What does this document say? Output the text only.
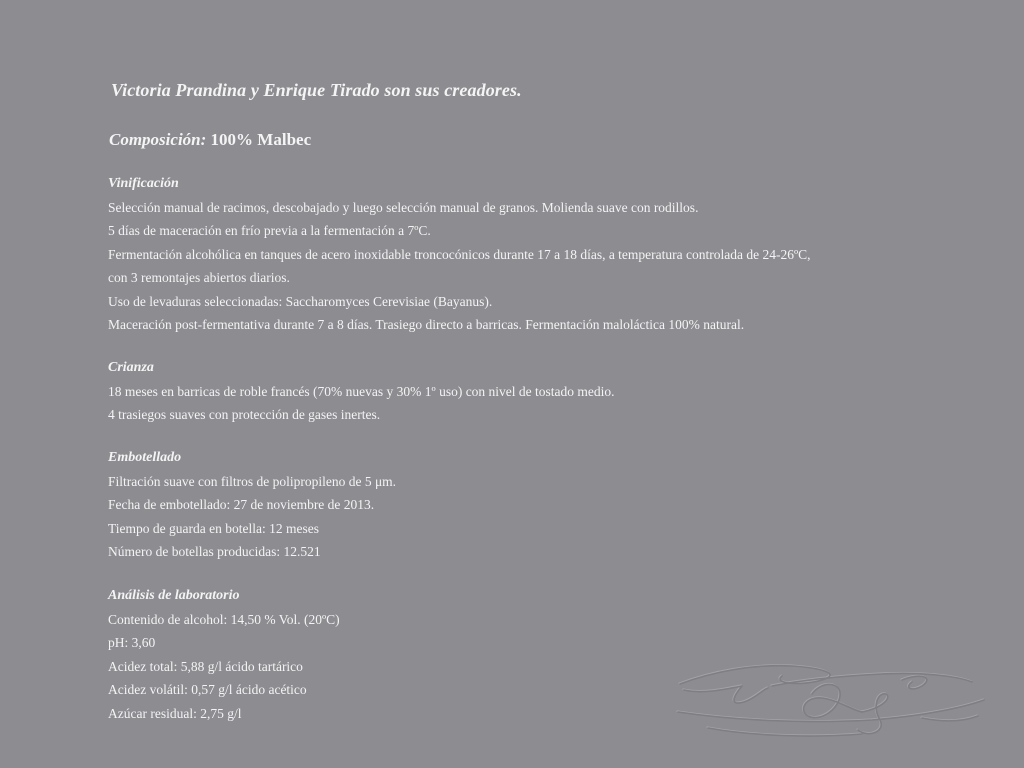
Victoria Prandina y Enrique Tirado son sus creadores.
Composición: 100% Malbec
Vinificación
Selección manual de racimos, descobajado y luego selección manual de granos. Molienda suave con rodillos.
5 días de maceración en frío previa a la fermentación a 7ºC.
Fermentación alcohólica en tanques de acero inoxidable troncocónicos durante 17 a 18 días, a temperatura controlada de 24-26ºC,
con 3 remontajes abiertos diarios.
Uso de levaduras seleccionadas: Saccharomyces Cerevisiae (Bayanus).
Maceración post-fermentativa durante 7 a 8 días. Trasiego directo a barricas. Fermentación maloláctica 100% natural.
Crianza
18 meses en barricas de roble francés (70% nuevas y 30% 1º uso) con nivel de tostado medio.
4 trasiegos suaves con protección de gases inertes.
Embotellado
Filtración suave con filtros de polipropileno de 5 μm.
Fecha de embotellado: 27 de noviembre de 2013.
Tiempo de guarda en botella: 12 meses
Número de botellas producidas: 12.521
Análisis de laboratorio
Contenido de alcohol: 14,50 % Vol. (20ºC)
pH: 3,60
Acidez total: 5,88 g/l ácido tartárico
Acidez volátil: 0,57 g/l ácido acético
Azúcar residual: 2,75 g/l
